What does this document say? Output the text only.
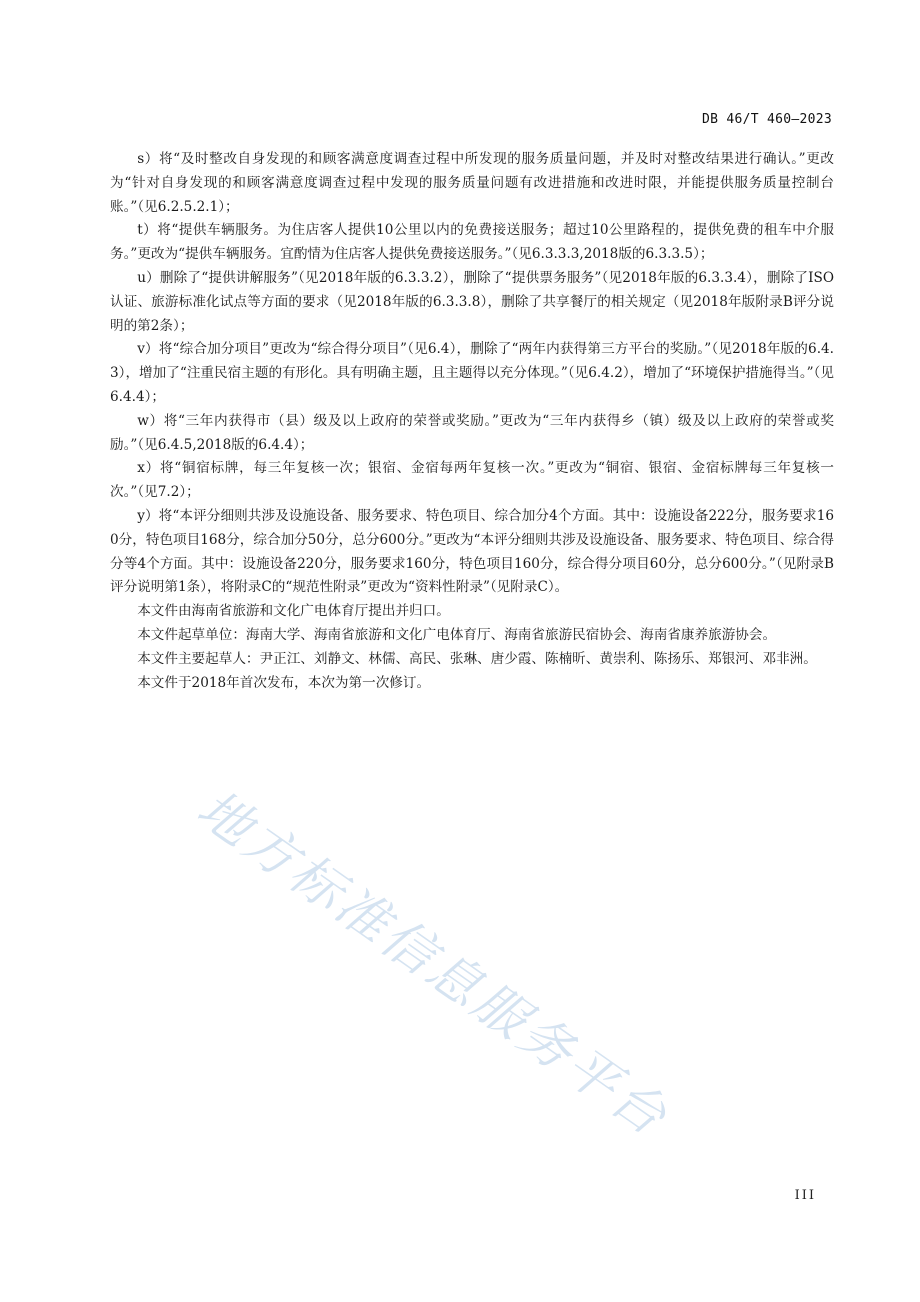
DB 46/T 460—2023

s）将“及时整改自身发现的和顾客满意度调查过程中所发现的服务质量问题，并及时对整改结果进行确认。”更改为“针对自身发现的和顾客满意度调查过程中发现的服务质量问题有改进措施和改进时限，并能提供服务质量控制台账。”（见6.2.5.2.1）；

t）将“提供车辆服务。为住店客人提供10公里以内的免费接送服务；超过10公里路程的，提供免费的租车中介服务。”更改为“提供车辆服务。宜酌情为住店客人提供免费接送服务。”（见6.3.3.3,2018版的6.3.3.5）；

u）删除了“提供讲解服务”（见2018年版的6.3.3.2），删除了“提供票务服务”（见2018年版的6.3.3.4），删除了ISO认证、旅游标准化试点等方面的要求（见2018年版的6.3.3.8），删除了共享餐厅的相关规定（见2018年版附录B评分说明的第2条）；

v）将“综合加分项目”更改为“综合得分项目”（见6.4），删除了“两年内获得第三方平台的奖励。”（见2018年版的6.4.3），增加了“注重民宿主题的有形化。具有明确主题，且主题得以充分体现。”（见6.4.2），增加了“环境保护措施得当。”（见6.4.4）；

w）将“三年内获得市（县）级及以上政府的荣誉或奖励。”更改为“三年内获得乡（镇）级及以上政府的荣誉或奖励。”（见6.4.5,2018版的6.4.4）；

x）将“铜宿标牌，每三年复核一次；银宿、金宿每两年复核一次。”更改为“铜宿、银宿、金宿标牌每三年复核一次。”（见7.2）；

y）将“本评分细则共涉及设施设备、服务要求、特色项目、综合加分4个方面。其中：设施设备222分，服务要求160分，特色项目168分，综合加分50分，总分600分。”更改为“本评分细则共涉及设施设备、服务要求、特色项目、综合得分等4个方面。其中：设施设备220分，服务要求160分，特色项目160分，综合得分项目60分，总分600分。”（见附录B评分说明第1条），将附录C的“规范性附录”更改为“资料性附录”（见附录C）。

本文件由海南省旅游和文化广电体育厅提出并归口。

本文件起草单位：海南大学、海南省旅游和文化广电体育厅、海南省旅游民宿协会、海南省康养旅游协会。

本文件主要起草人：尹正江、刘静文、林儒、高民、张琳、唐少霞、陈楠昕、黄崇利、陈扬乐、郑银河、邓非洲。

本文件于2018年首次发布，本次为第一次修订。

地方标准信息服务平台
III
